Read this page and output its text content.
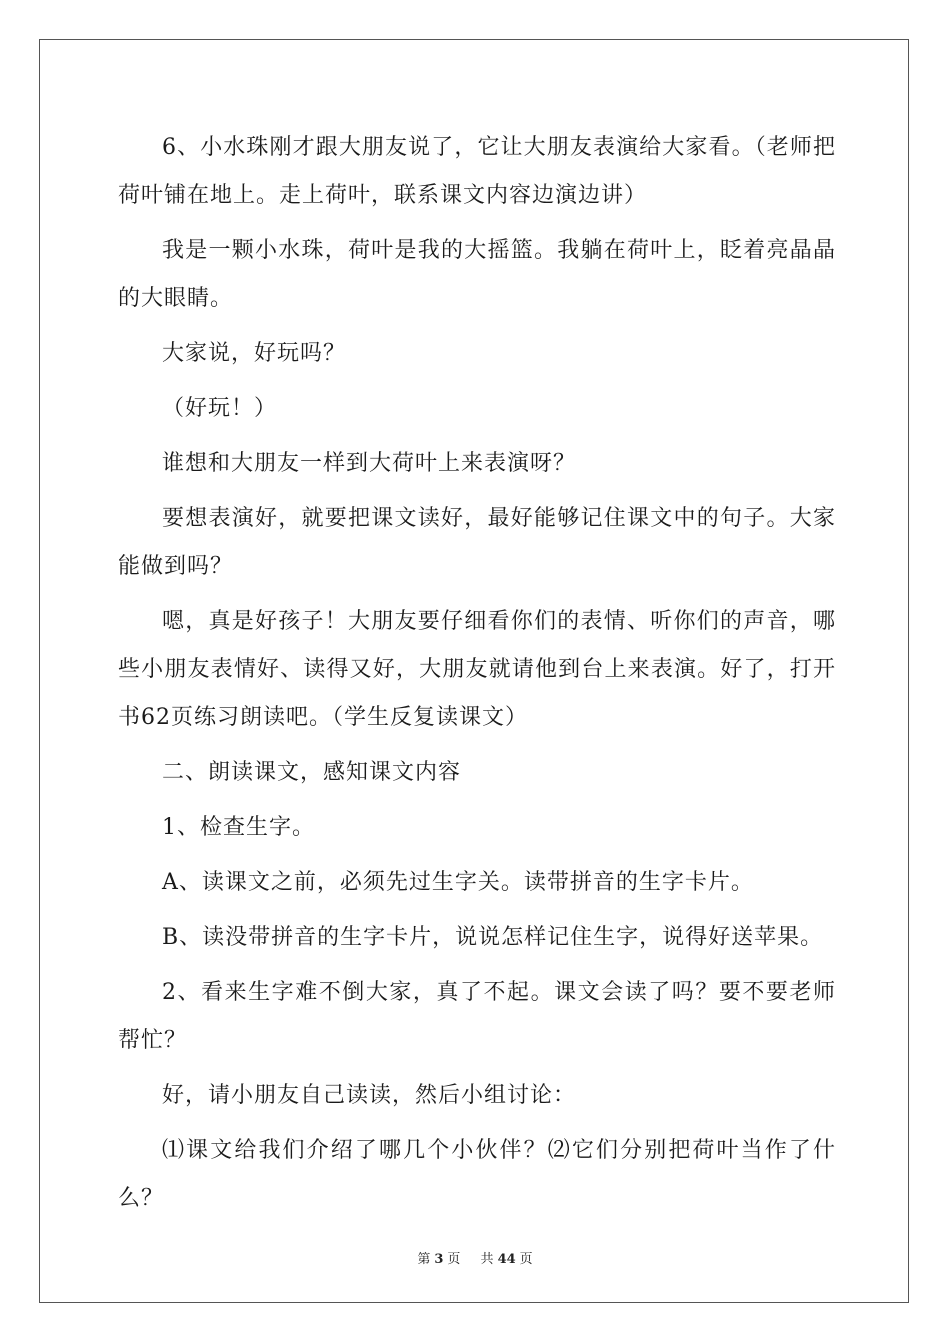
6、小水珠刚才跟大朋友说了，它让大朋友表演给大家看。（老师把荷叶铺在地上。走上荷叶，联系课文内容边演边讲）

我是一颗小水珠，荷叶是我的大摇篮。我躺在荷叶上，眨着亮晶晶的大眼睛。

大家说，好玩吗？

（好玩！）

谁想和大朋友一样到大荷叶上来表演呀？

要想表演好，就要把课文读好，最好能够记住课文中的句子。大家能做到吗？

嗯，真是好孩子！大朋友要仔细看你们的表情、听你们的声音，哪些小朋友表情好、读得又好，大朋友就请他到台上来表演。好了，打开书62页练习朗读吧。（学生反复读课文）

二、朗读课文，感知课文内容

1、检查生字。

A、读课文之前，必须先过生字关。读带拼音的生字卡片。

B、读没带拼音的生字卡片，说说怎样记住生字，说得好送苹果。

2、看来生字难不倒大家，真了不起。课文会读了吗？要不要老师帮忙？

好，请小朋友自己读读，然后小组讨论：

⑴课文给我们介绍了哪几个小伙伴？⑵它们分别把荷叶当作了什么？

第 3 页 共 44 页
